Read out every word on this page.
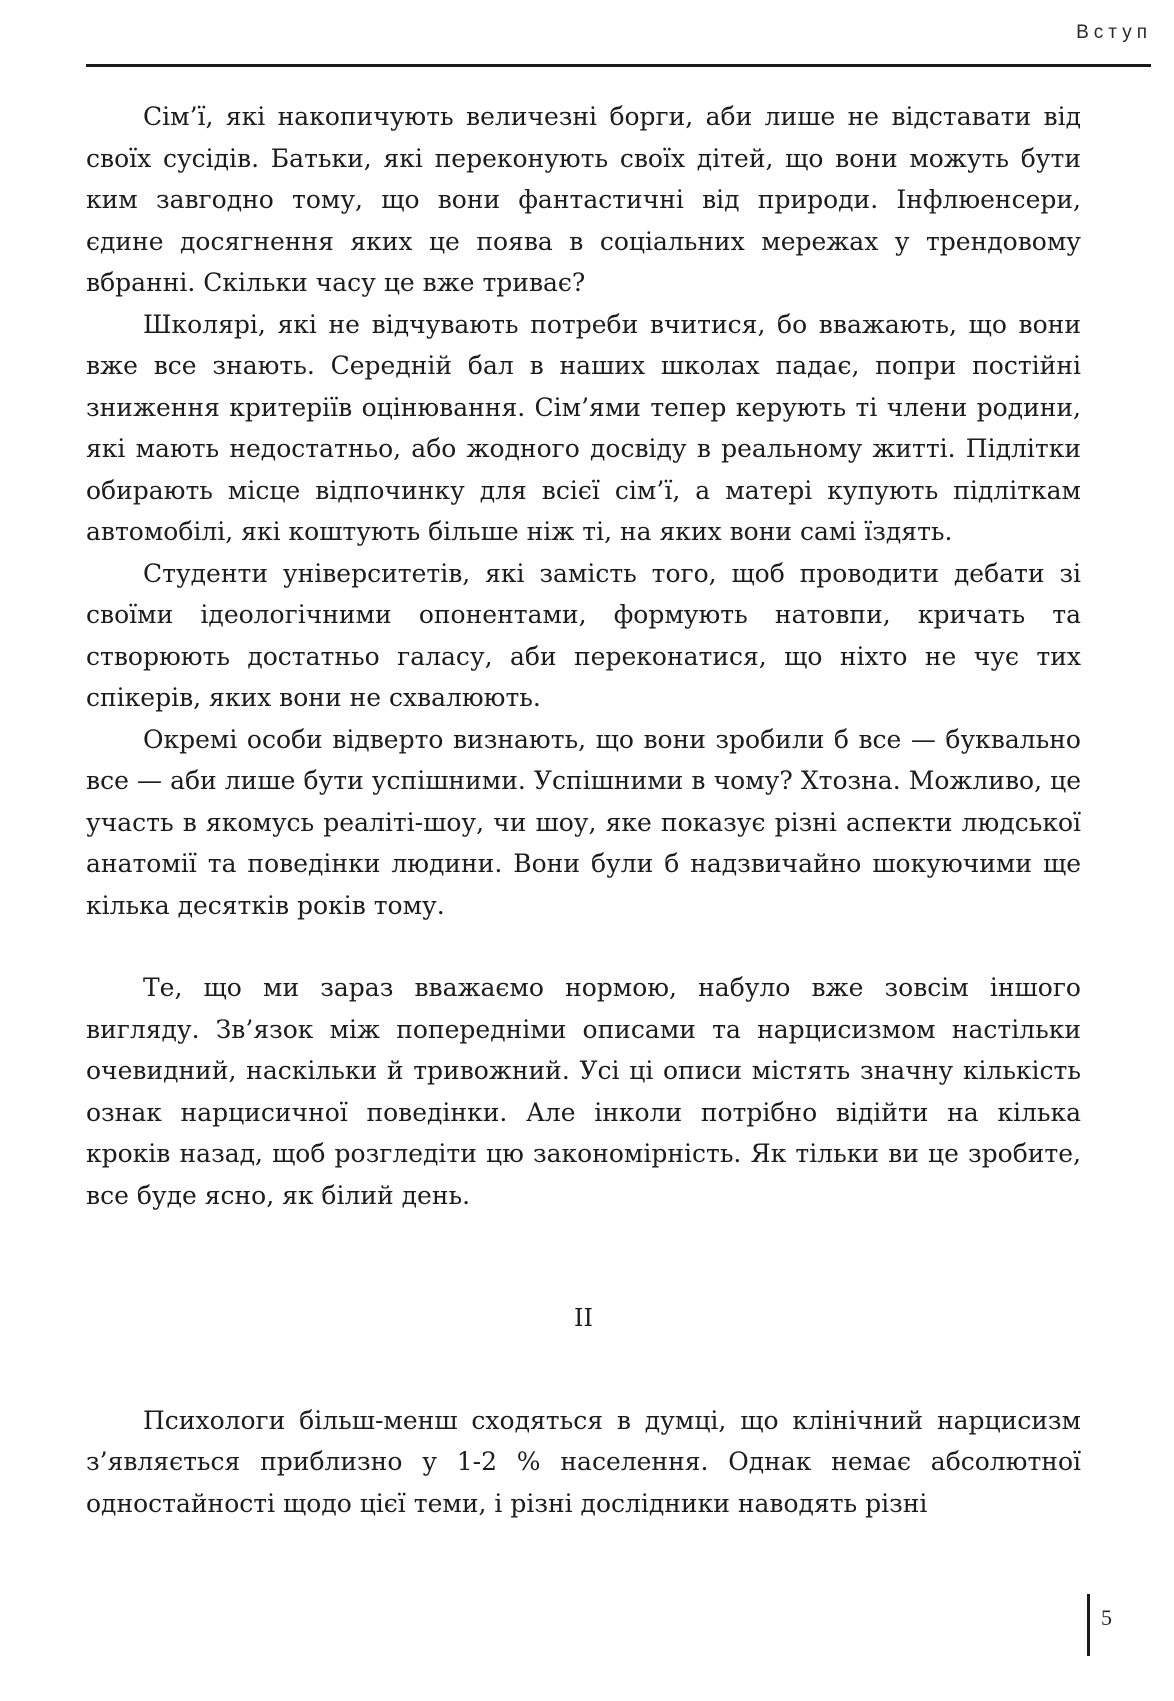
Вступ

Сім’ї, які накопичують величезні борги, аби лише не відставати від своїх сусідів. Батьки, які переконують своїх дітей, що вони можуть бути ким завгодно тому, що вони фантастичні від природи. Інфлюенсери, єдине досягнення яких це поява в соціальних мережах у трендовому вбранні. Скільки часу це вже триває?

Школярі, які не відчувають потреби вчитися, бо вважають, що вони вже все знають. Середній бал в наших школах падає, попри постійні зниження критеріїв оцінювання. Сім’ями тепер керують ті члени родини, які мають недостатньо, або жодного досвіду в реальному житті. Підлітки обирають місце відпочинку для всієї сім’ї, а матері купують підліткам автомобілі, які коштують більше ніж ті, на яких вони самі їздять.

Студенти університетів, які замість того, щоб проводити дебати зі своїми ідеологічними опонентами, формують натовпи, кричать та створюють достатньо галасу, аби переконатися, що ніхто не чує тих спікерів, яких вони не схвалюють.

Окремі особи відверто визнають, що вони зробили б все — буквально все — аби лише бути успішними. Успішними в чому? Хтозна. Можливо, це участь в якомусь реаліті-шоу, чи шоу, яке показує різні аспекти людської анатомії та поведінки людини. Вони були б надзвичайно шокуючими ще кілька десятків років тому.

Те, що ми зараз вважаємо нормою, набуло вже зовсім іншого вигляду. Зв’язок між попередніми описами та нарцисизмом настільки очевидний, наскільки й тривожний. Усі ці описи містять значну кількість ознак нарцисичної поведінки. Але інколи потрібно відійти на кілька кроків назад, щоб розгледіти цю закономірність. Як тільки ви це зробите, все буде ясно, як білий день.

II

Психологи більш-менш сходяться в думці, що клінічний нарцисизм з’являється приблизно у 1-2 % населення. Однак немає абсолютної одностайності щодо цієї теми, і різні дослідники наводять різні

5
